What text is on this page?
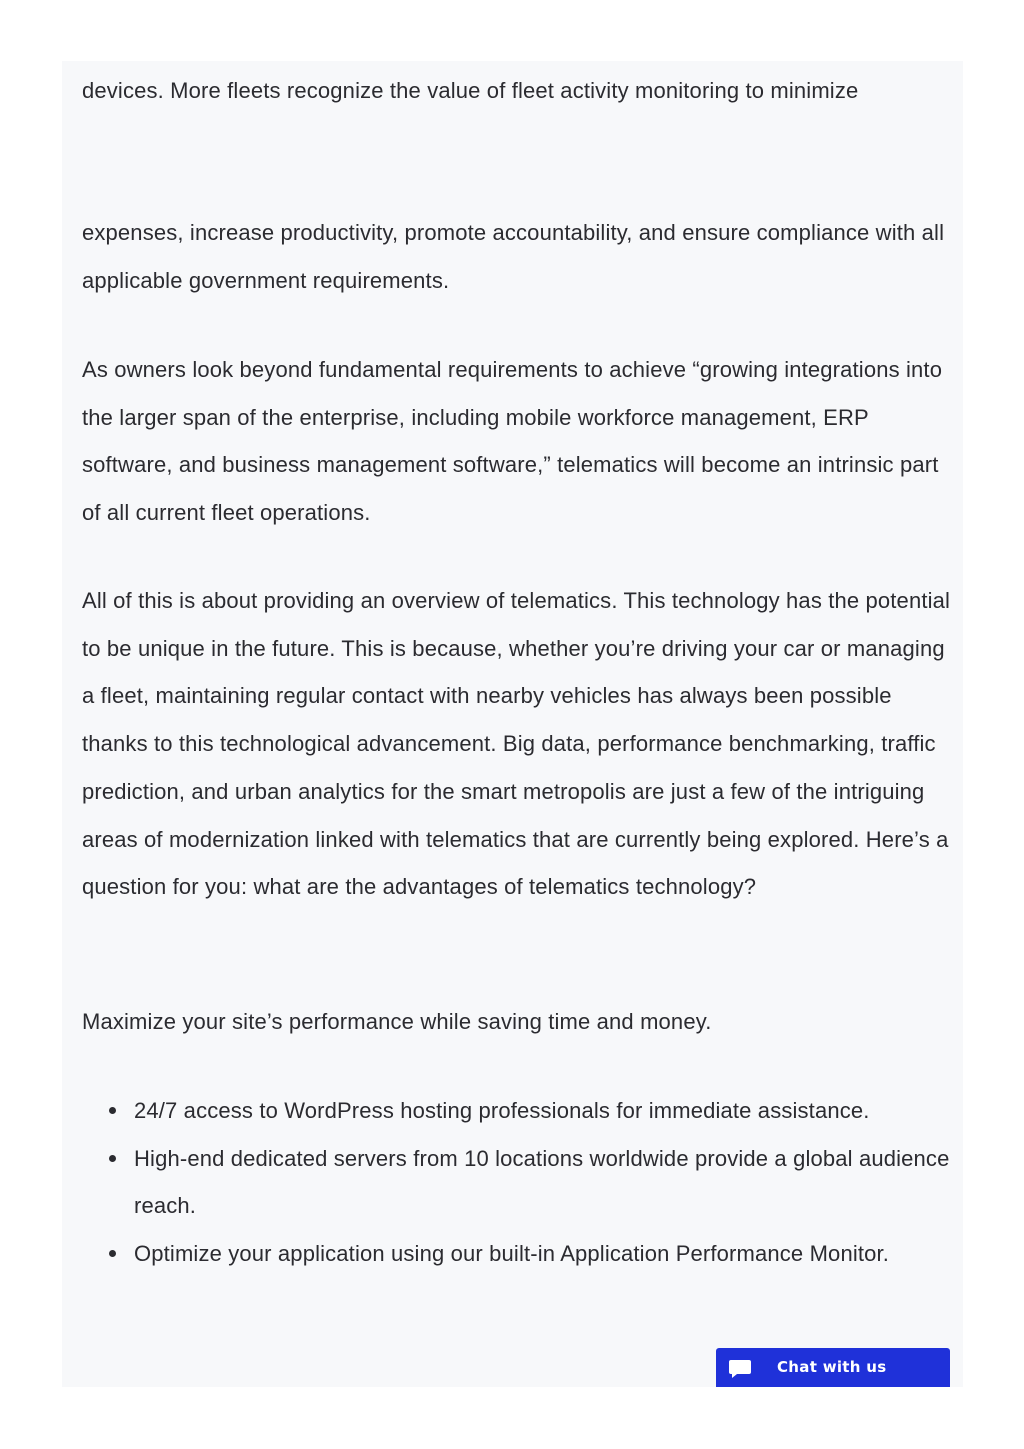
devices. More fleets recognize the value of fleet activity monitoring to minimize

expenses, increase productivity, promote accountability, and ensure compliance with all applicable government requirements.

As owners look beyond fundamental requirements to achieve “growing integrations into the larger span of the enterprise, including mobile workforce management, ERP software, and business management software,” telematics will become an intrinsic part of all current fleet operations.

All of this is about providing an overview of telematics. This technology has the potential to be unique in the future. This is because, whether you’re driving your car or managing a fleet, maintaining regular contact with nearby vehicles has always been possible thanks to this technological advancement. Big data, performance benchmarking, traffic prediction, and urban analytics for the smart metropolis are just a few of the intriguing areas of modernization linked with telematics that are currently being explored. Here’s a question for you: what are the advantages of telematics technology?

Maximize your site’s performance while saving time and money.

24/7 access to WordPress hosting professionals for immediate assistance.
High-end dedicated servers from 10 locations worldwide provide a global audience reach.
Optimize your application using our built-in Application Performance Monitor.
Chat with us
